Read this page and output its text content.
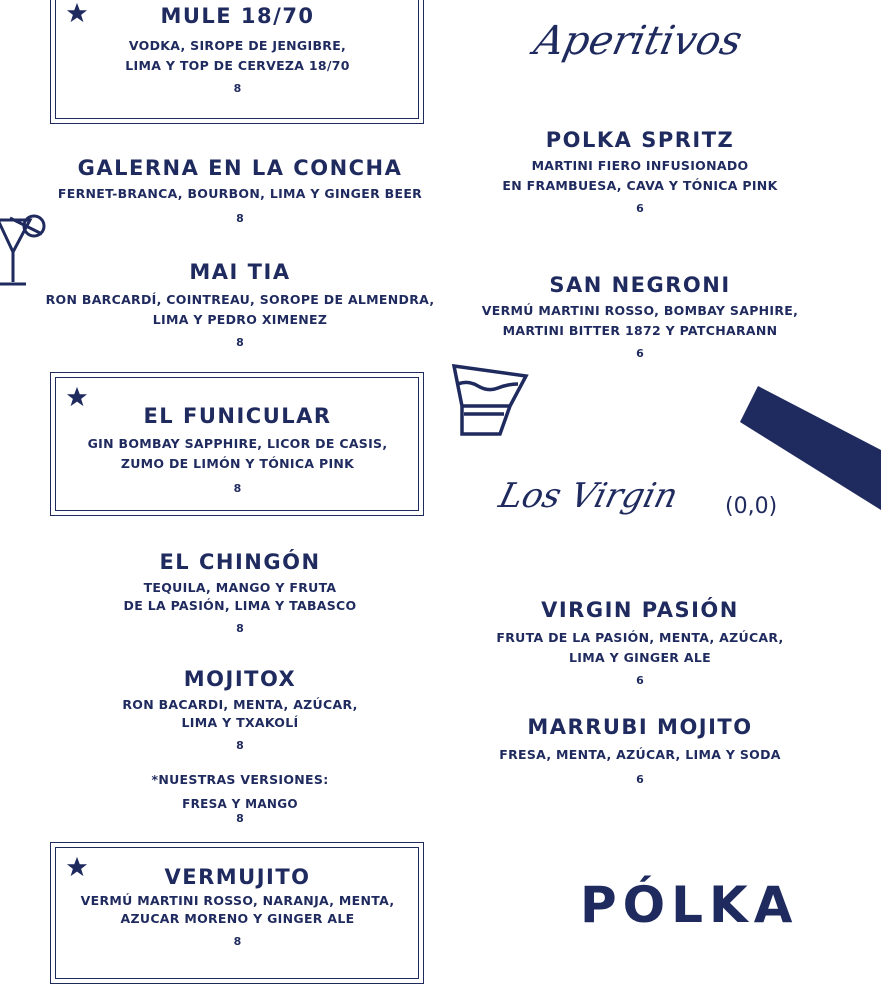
MULE 18/70
VODKA, SIROPE DE JENGIBRE,
LIMA Y TOP DE CERVEZA 18/70
8
GALERNA EN LA CONCHA
FERNET-BRANCA, BOURBON, LIMA Y GINGER BEER
8
MAI TIA
RON BARCARDÍ, COINTREAU, SOROPE DE ALMENDRA,
LIMA Y PEDRO XIMENEZ
8
EL FUNICULAR
GIN BOMBAY SAPPHIRE, LICOR DE CASIS,
ZUMO DE LIMÓN Y TÓNICA PINK
8
EL CHINGÓN
TEQUILA, MANGO Y FRUTA
DE LA PASIÓN, LIMA Y TABASCO
8
MOJITOX
RON BACARDI, MENTA, AZÚCAR,
LIMA Y TXAKOLÍ
8
*NUESTRAS VERSIONES:
FRESA Y MANGO
8
VERMUJITO
VERMÚ MARTINI ROSSO, NARANJA, MENTA,
AZUCAR MORENO Y GINGER ALE
8
Aperitivos
POLKA SPRITZ
MARTINI FIERO INFUSIONADO
EN FRAMBUESA, CAVA Y TÓNICA PINK
6
SAN NEGRONI
VERMÚ MARTINI ROSSO, BOMBAY SAPHIRE,
MARTINI BITTER 1872 Y PATCHARANN
6
Los Virgin (0,0)
VIRGIN PASIÓN
FRUTA DE LA PASIÓN, MENTA, AZÚCAR,
LIMA Y GINGER ALE
6
MARRUBI MOJITO
FRESA, MENTA, AZÚCAR, LIMA Y SODA
6
PÓLKA
